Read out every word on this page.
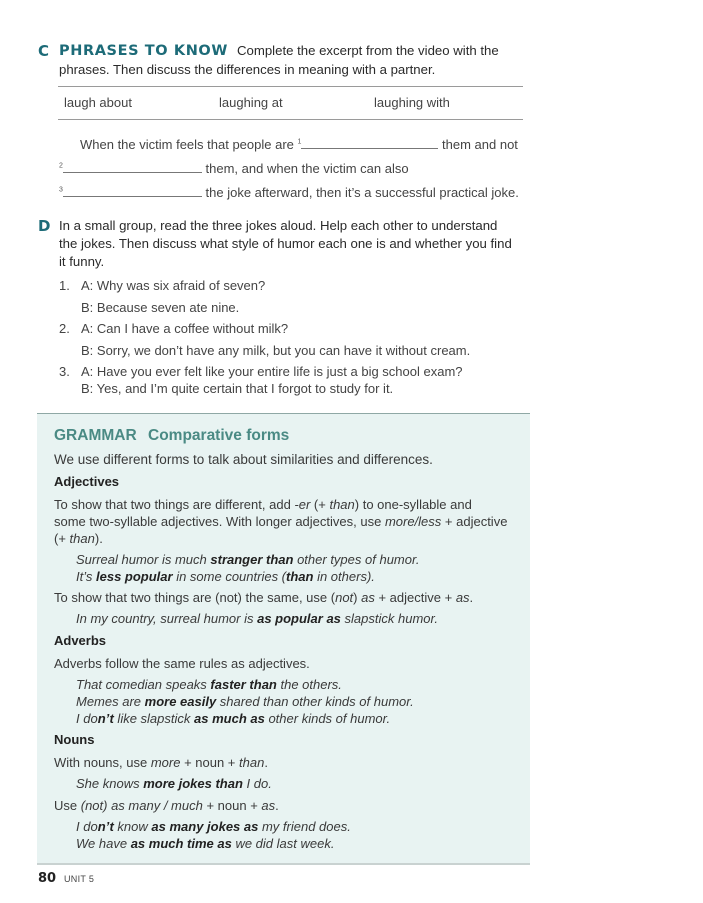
C PHRASES TO KNOW Complete the excerpt from the video with the
phrases. Then discuss the differences in meaning with a partner.
laugh about	laughing at	laughing with
When the victim feels that people are $^1$	them and not
$^2$	them, and when the victim can also
$^3$	the joke afterward, then it’s a successful practical joke.
D In a small group, read the three jokes aloud. Help each other to understand
the jokes. Then discuss what style of humor each one is and whether you find
it funny.
1. A: Why was six afraid of seven?
B: Because seven ate nine.
2. A: Can I have a coffee without milk?
B: Sorry, we don’t have any milk, but you can have it without cream.
3. A: Have you ever felt like your entire life is just a big school exam?
B: Yes, and I’m quite certain that I forgot to study for it.
GRAMMAR Comparative forms
We use different forms to talk about similarities and differences.
Adjectives
To show that two things are different, add -er (+ than) to one-syllable and
some two-syllable adjectives. With longer adjectives, use more/less + adjective
(+ than).
Surreal humor is much stranger than other types of humor.
It’s less popular in some countries (than in others).
To show that two things are (not) the same, use (not) as + adjective + as.
In my country, surreal humor is as popular as slapstick humor.
Adverbs
Adverbs follow the same rules as adjectives.
That comedian speaks faster than the others.
Memes are more easily shared than other kinds of humor.
I don’t like slapstick as much as other kinds of humor.
Nouns
With nouns, use more + noun + than.
She knows more jokes than I do.
Use (not) as many / much + noun + as.
I don’t know as many jokes as my friend does.
We have as much time as we did last week.
80 UNIT 5
